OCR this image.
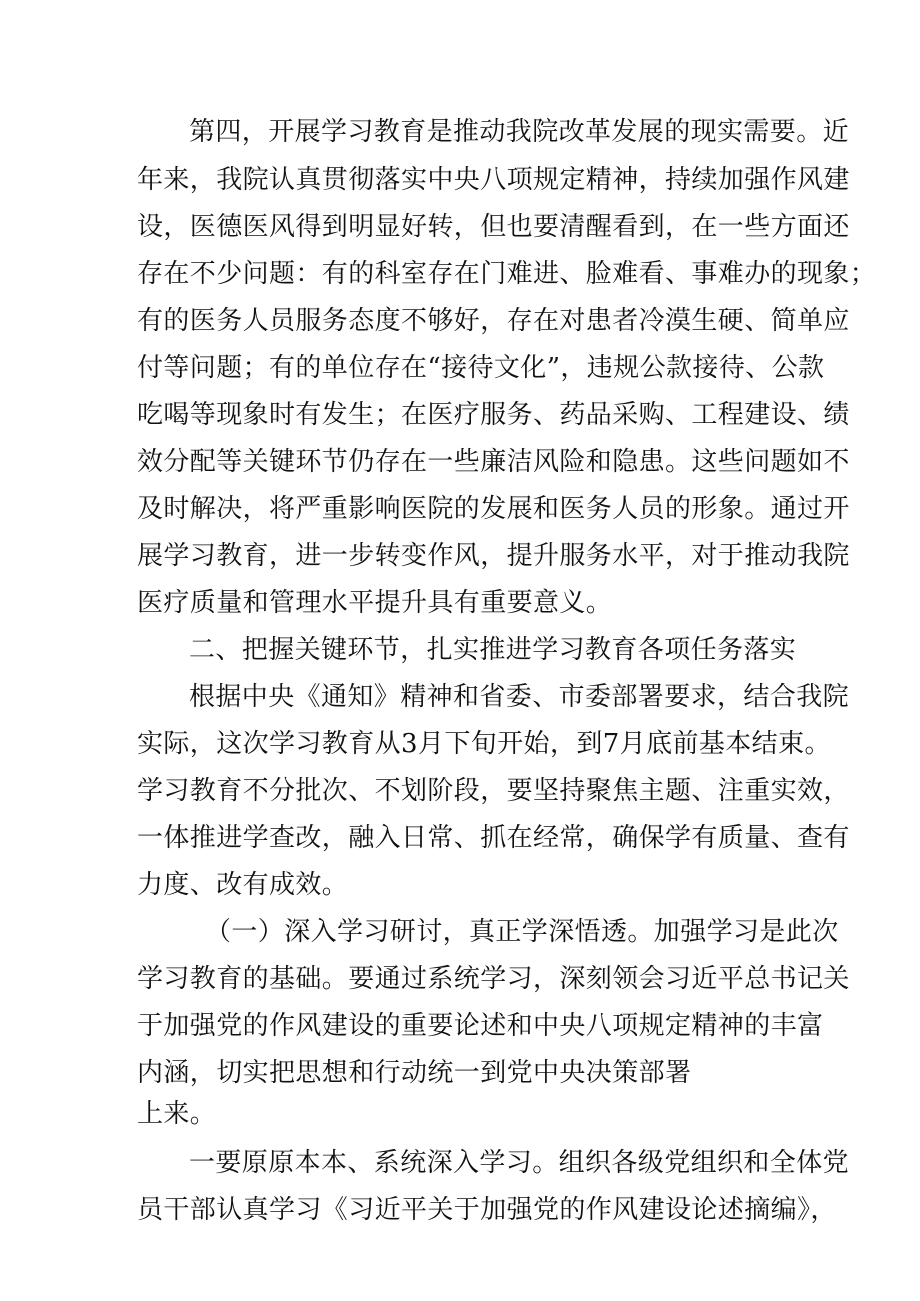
第四，开展学习教育是推动我院改革发展的现实需要。近

年来，我院认真贯彻落实中央八项规定精神，持续加强作风建

设，医德医风得到明显好转，但也要清醒看到，在一些方面还

存在不少问题：有的科室存在门难进、脸难看、事难办的现象；

有的医务人员服务态度不够好，存在对患者冷漠生硬、简单应

付等问题；有的单位存在“接待文化”，违规公款接待、公款

吃喝等现象时有发生；在医疗服务、药品采购、工程建设、绩

效分配等关键环节仍存在一些廉洁风险和隐患。这些问题如不

及时解决，将严重影响医院的发展和医务人员的形象。通过开

展学习教育，进一步转变作风，提升服务水平，对于推动我院

医疗质量和管理水平提升具有重要意义。

二、把握关键环节，扎实推进学习教育各项任务落实

根据中央《通知》精神和省委、市委部署要求，结合我院

实际，这次学习教育从3月下旬开始，到7月底前基本结束。

学习教育不分批次、不划阶段，要坚持聚焦主题、注重实效，

一体推进学查改，融入日常、抓在经常，确保学有质量、查有

力度、改有成效。

（一）深入学习研讨，真正学深悟透。加强学习是此次

学习教育的基础。要通过系统学习，深刻领会习近平总书记关

于加强党的作风建设的重要论述和中央八项规定精神的丰富

内涵，切实把思想和行动统一到党中央决策部署

上来。

一要原原本本、系统深入学习。组织各级党组织和全体党

员干部认真学习《习近平关于加强党的作风建设论述摘编》，
